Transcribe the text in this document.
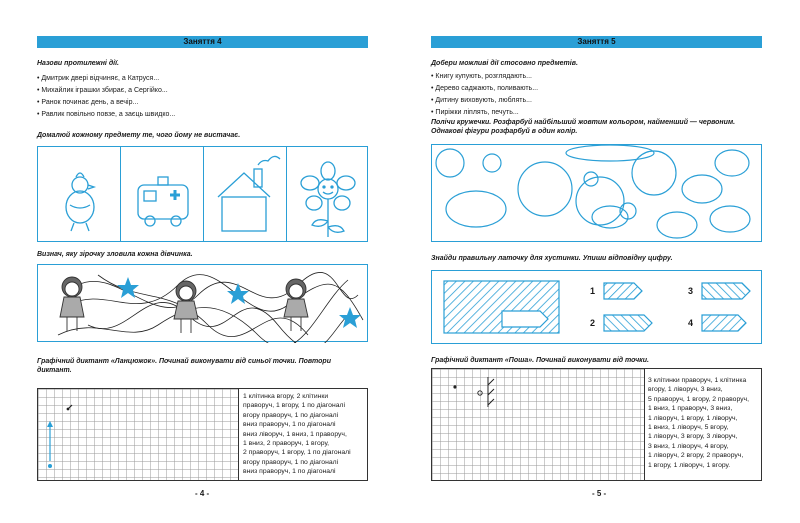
Заняття 4
Назови протилежні дії.
• Дмитрик двері відчиняє, а Катруся...
• Михайлик іграшки збирає, а Сергійко...
• Ранок починає день, а вечір...
• Равлик повільно повзе, а заєць швидко...
Домалюй кожному предмету те, чого йому не вистачає.
Визнач, яку зірочку зловила кожна дівчинка.
Графічний диктант «Ланцюжок». Починай виконувати від синьої точки. Повтори диктант.
1 клітинка вгору, 2 клітинки
праворуч, 1 вгору, 1 по діагоналі
вгору праворуч, 1 по діагоналі
вниз праворуч, 1 по діагоналі
вниз ліворуч, 1 вниз, 1 праворуч,
1 вниз, 2 праворуч, 1 вгору,
2 праворуч, 1 вгору, 1 по діагоналі
вгору праворуч, 1 по діагоналі
вниз праворуч, 1 по діагоналі
- 4 -
Заняття 5
Добери можливі дії стосовно предметів.
• Книгу купують, розглядають...
• Дерево саджають, поливають...
• Дитину виховують, люблять...
• Пиріжки ліплять, печуть...
Полічи кружечки. Розфарбуй найбільший жовтим кольором, найменший — червоним. Однакові фігури розфарбуй в один колір.
Знайди правильну латочку для хустинки. Упиши відповідну цифру.
1
2
3
4
Графічний диктант «Поша». Починай виконувати від точки.
3 клітинки праворуч, 1 клітинка
вгору, 1 ліворуч, 3 вниз,
5 праворуч, 1 вгору, 2 праворуч,
1 вниз, 1 праворуч, 3 вниз,
1 ліворуч, 1 вгору, 1 ліворуч,
1 вниз, 1 ліворуч, 5 вгору,
1 ліворуч, 3 вгору, 3 ліворуч,
3 вниз, 1 ліворуч, 4 вгору,
1 ліворуч, 2 вгору, 2 праворуч,
1 вгору, 1 ліворуч, 1 вгору.
- 5 -
